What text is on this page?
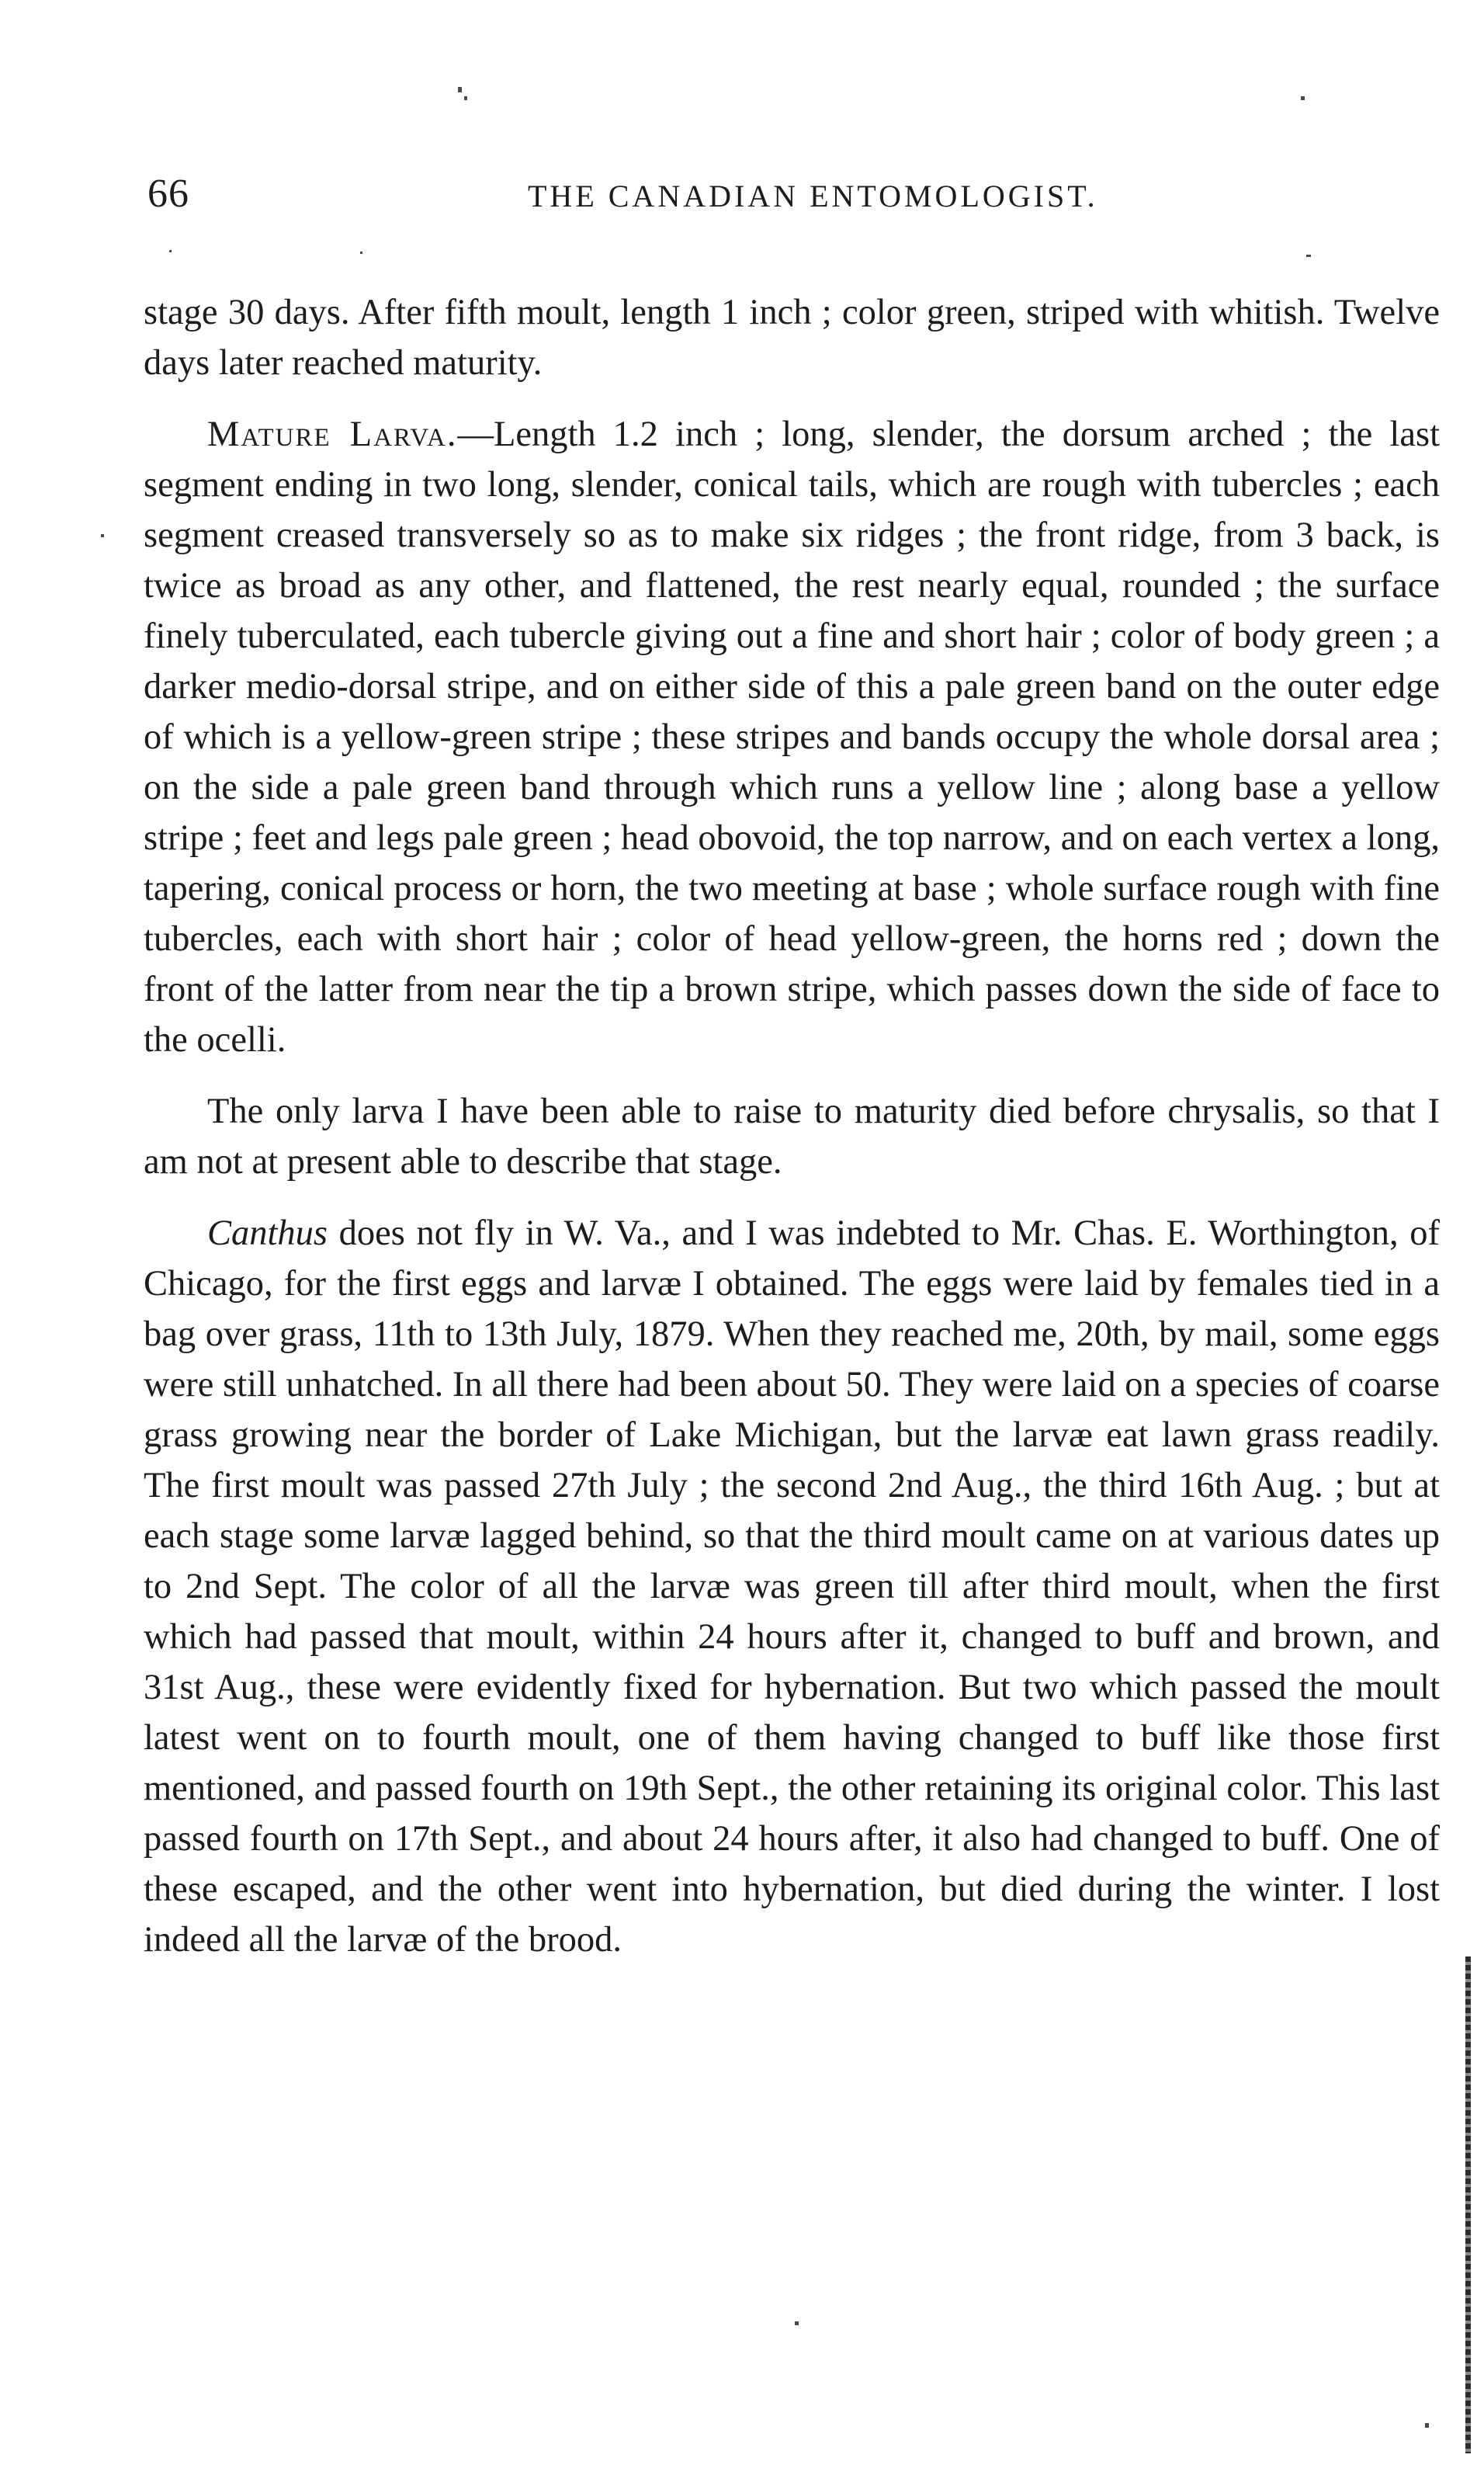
66	THE CANADIAN ENTOMOLOGIST.

stage 30 days. After fifth moult, length 1 inch ; color green, striped with whitish. Twelve days later reached maturity.

Mature Larva.—Length 1.2 inch ; long, slender, the dorsum arched ; the last segment ending in two long, slender, conical tails, which are rough with tubercles ; each segment creased transversely so as to make six ridges ; the front ridge, from 3 back, is twice as broad as any other, and flattened, the rest nearly equal, rounded ; the surface finely tuberculated, each tubercle giving out a fine and short hair ; color of body green ; a darker medio-dorsal stripe, and on either side of this a pale green band on the outer edge of which is a yellow-green stripe ; these stripes and bands occupy the whole dorsal area ; on the side a pale green band through which runs a yellow line ; along base a yellow stripe ; feet and legs pale green ; head obovoid, the top narrow, and on each vertex a long, tapering, conical process or horn, the two meeting at base ; whole surface rough with fine tubercles, each with short hair ; color of head yellow-green, the horns red ; down the front of the latter from near the tip a brown stripe, which passes down the side of face to the ocelli.

The only larva I have been able to raise to maturity died before chrysalis, so that I am not at present able to describe that stage.

Canthus does not fly in W. Va., and I was indebted to Mr. Chas. E. Worthington, of Chicago, for the first eggs and larvæ I obtained. The eggs were laid by females tied in a bag over grass, 11th to 13th July, 1879. When they reached me, 20th, by mail, some eggs were still unhatched. In all there had been about 50. They were laid on a species of coarse grass growing near the border of Lake Michigan, but the larvæ eat lawn grass readily. The first moult was passed 27th July ; the second 2nd Aug., the third 16th Aug. ; but at each stage some larvæ lagged behind, so that the third moult came on at various dates up to 2nd Sept. The color of all the larvæ was green till after third moult, when the first which had passed that moult, within 24 hours after it, changed to buff and brown, and 31st Aug., these were evidently fixed for hybernation. But two which passed the moult latest went on to fourth moult, one of them having changed to buff like those first mentioned, and passed fourth on 19th Sept., the other retaining its original color. This last passed fourth on 17th Sept., and about 24 hours after, it also had changed to buff. One of these escaped, and the other went into hybernation, but died during the winter. I lost indeed all the larvæ of the brood.
